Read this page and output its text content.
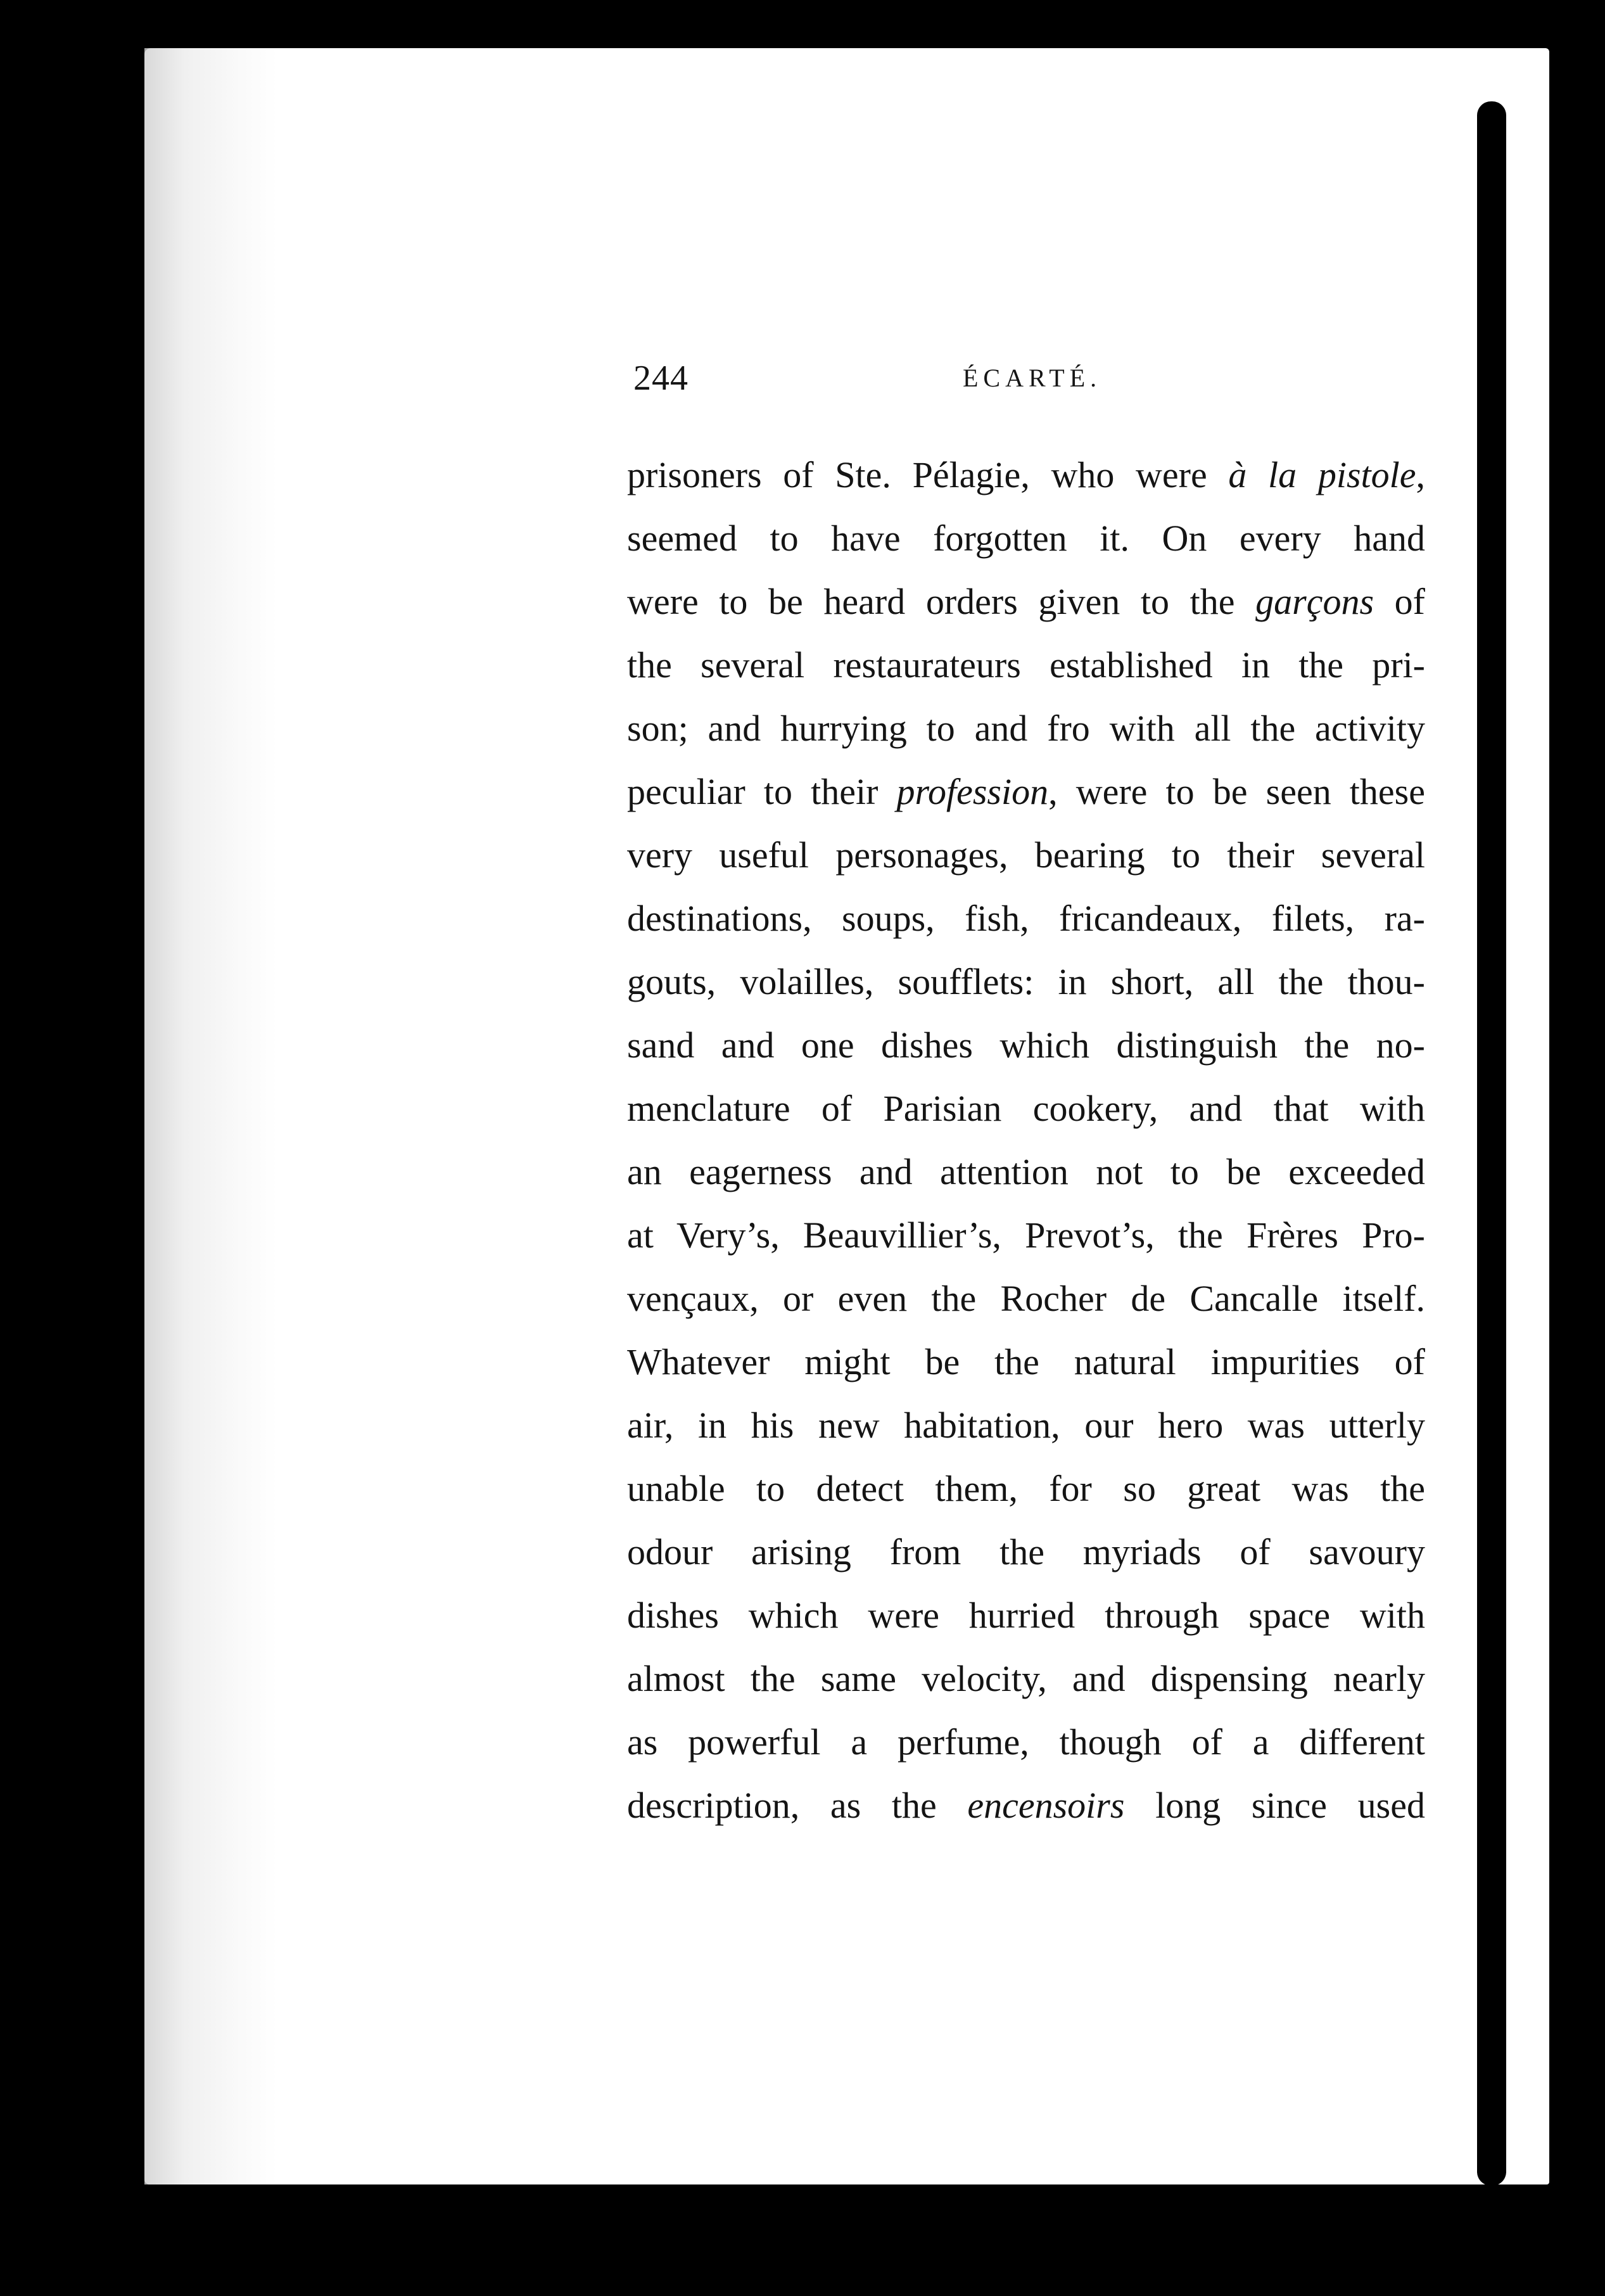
244	ÉCARTÉ.
prisoners of Ste. Pélagie, who were à la pistole,
seemed to have forgotten it. On every hand
were to be heard orders given to the garçons of
the several restaurateurs established in the pri-
son; and hurrying to and fro with all the activity
peculiar to their profession, were to be seen these
very useful personages, bearing to their several
destinations, soups, fish, fricandeaux, filets, ra-
gouts, volailles, soufflets: in short, all the thou-
sand and one dishes which distinguish the no-
menclature of Parisian cookery, and that with
an eagerness and attention not to be exceeded
at Very’s, Beauvillier’s, Prevot’s, the Frères Pro-
vençaux, or even the Rocher de Cancalle itself.
Whatever might be the natural impurities of
air, in his new habitation, our hero was utterly
unable to detect them, for so great was the
odour arising from the myriads of savoury
dishes which were hurried through space with
almost the same velocity, and dispensing nearly
as powerful a perfume, though of a different
description, as the encensoirs long since used
